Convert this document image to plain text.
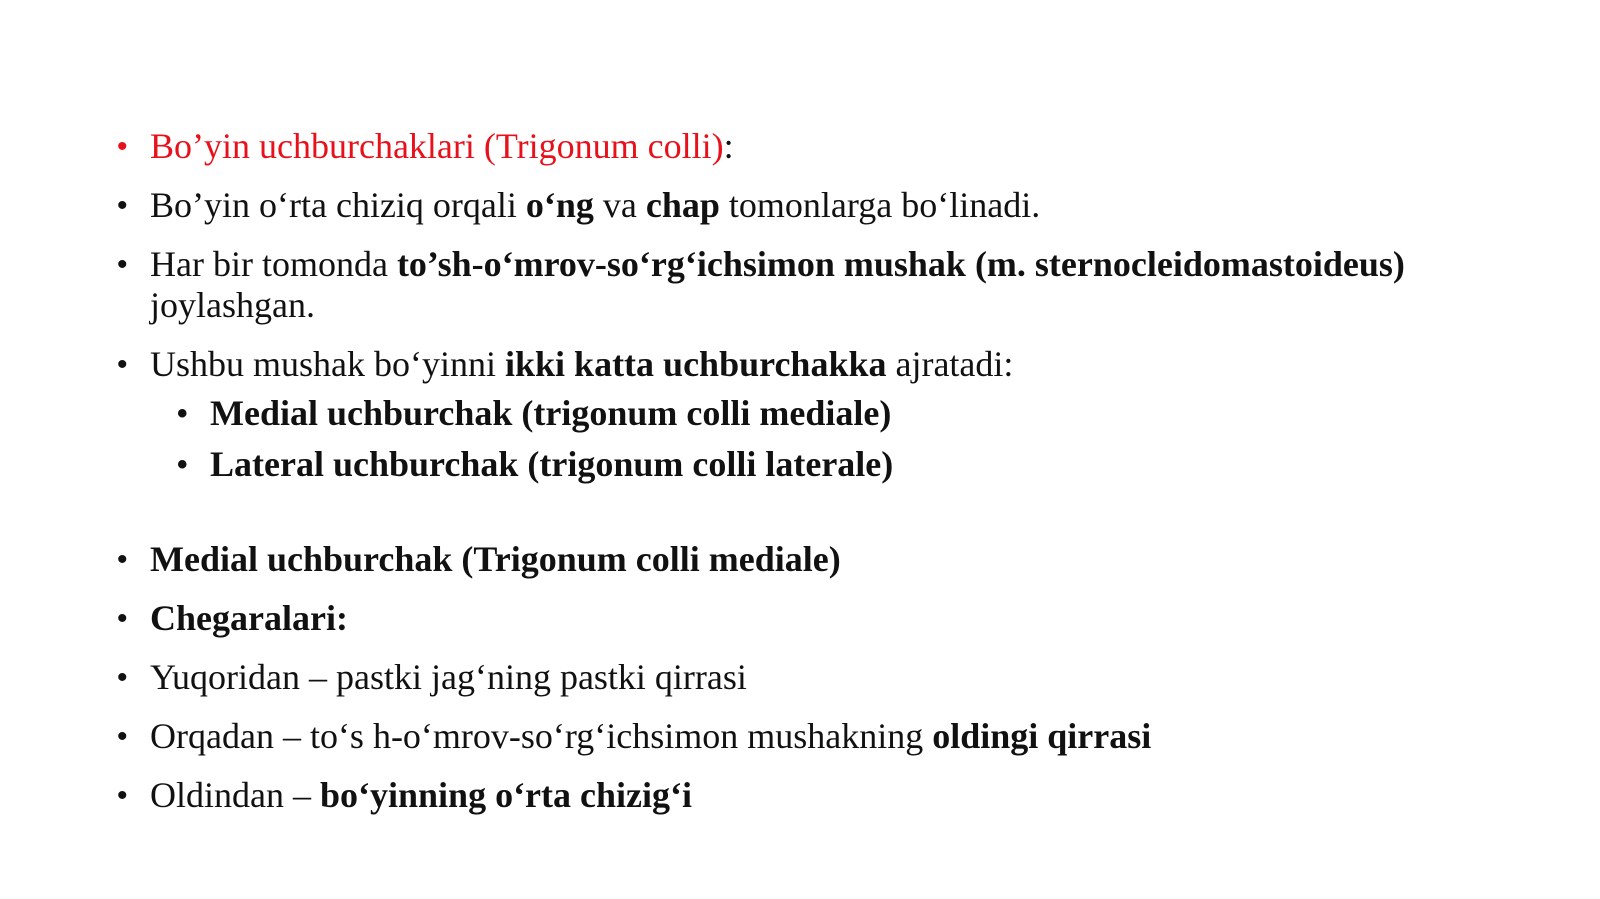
• Bo’yin uchburchaklari (Trigonum colli):
• Bo’yin o‘rta chiziq orqali o‘ng va chap tomonlarga bo‘linadi.
• Har bir tomonda to’sh-o‘mrov-so‘rg‘ichsimon mushak (m. sternocleidomastoideus) joylashgan.
• Ushbu mushak bo‘yinni ikki katta uchburchakka ajratadi:
• Medial uchburchak (trigonum colli mediale)
• Lateral uchburchak (trigonum colli laterale)
• Medial uchburchak (Trigonum colli mediale)
• Chegaralari:
• Yuqoridan – pastki jag‘ning pastki qirrasi
• Orqadan – to‘s h-o‘mrov-so‘rg‘ichsimon mushakning oldingi qirrasi
• Oldindan – bo‘yinning o‘rta chizig‘i
